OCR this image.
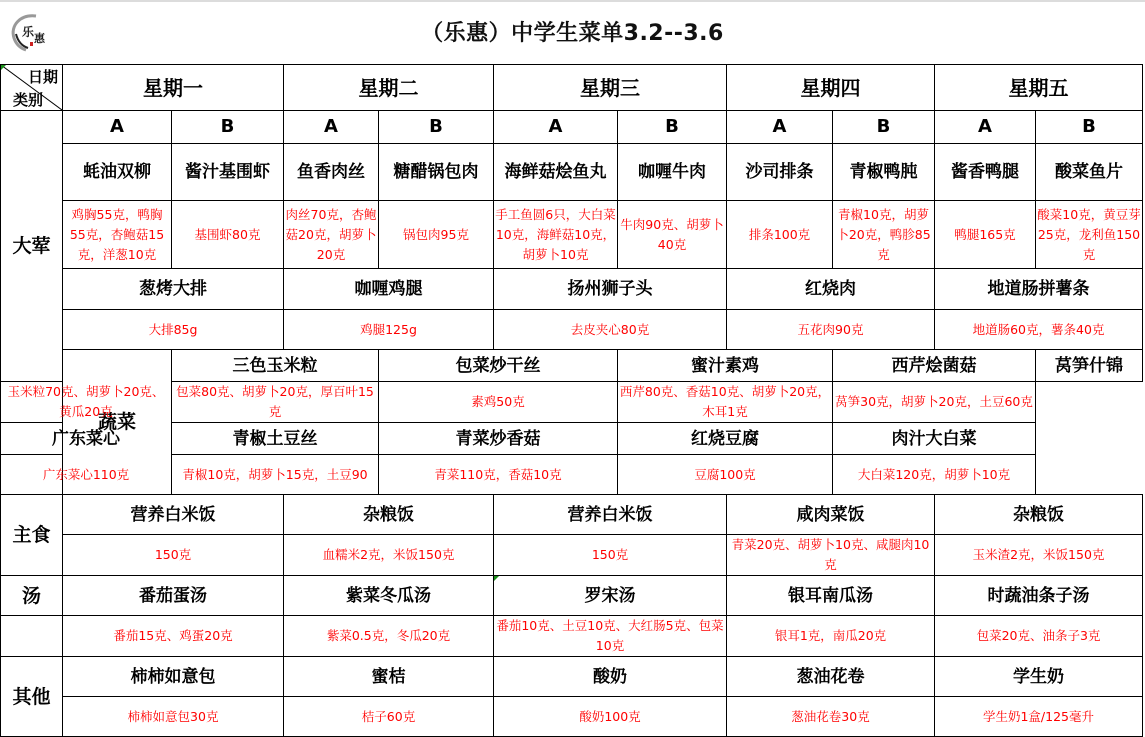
乐 惠	（乐惠）中学生菜单3.2--3.6
日期
类别	星期一		星期二		星期三		星期四		星期五	
大荤	A	B	A	B	A	B	A	B	A	B
	蚝油双柳	酱汁基围虾	鱼香肉丝	糖醋锅包肉	海鲜菇烩鱼丸	咖喱牛肉	沙司排条	青椒鸭肫	酱香鸭腿	酸菜鱼片
	鸡胸55克，鸭胸55克，杏鲍菇15克，洋葱10克	基围虾80克	肉丝70克，杏鲍菇20克，胡萝卜20克	锅包肉95克	手工鱼圆6只，大白菜10克，海鲜菇10克，胡萝卜10克	牛肉90克、胡萝卜40克	排条100克	青椒10克，胡萝卜20克，鸭胗85克	鸭腿165克	酸菜10克，黄豆芽25克，龙利鱼150克
	葱烤大排		咖喱鸡腿		扬州狮子头		红烧肉		地道肠拼薯条	
	大排85g		鸡腿125g		去皮夹心80克		五花肉90克		地道肠60克，薯条40克	
	蔬菜	三色玉米粒		包菜炒干丝		蜜汁素鸡		西芹烩菌菇		莴笋什锦
玉米粒70克、胡萝卜20克、黄瓜20克		包菜80克、胡萝卜20克，厚百叶15克		素鸡50克		西芹80克、香菇10克、胡萝卜20克，木耳1克		莴笋30克，胡萝卜20克，土豆60克		
广东菜心		青椒土豆丝		青菜炒香菇		红烧豆腐		肉汁大白菜		
广东菜心110克		青椒10克，胡萝卜15克，土豆90		青菜110克，香菇10克		豆腐100克		大白菜120克，胡萝卜10克		
主食	营养白米饭		杂粮饭		营养白米饭		咸肉菜饭		杂粮饭	
	150克		血糯米2克，米饭150克		150克		青菜20克、胡萝卜10克、咸腿肉10克		玉米渣2克，米饭150克	
汤	番茄蛋汤		紫菜冬瓜汤		罗宋汤		银耳南瓜汤		时蔬油条子汤	
	番茄15克、鸡蛋20克		紫菜0.5克，冬瓜20克		番茄10克、土豆10克、大红肠5克、包菜10克		银耳1克，南瓜20克		包菜20克、油条子3克	
其他	柿柿如意包		蜜桔		酸奶		葱油花卷		学生奶	
	柿柿如意包30克		桔子60克		酸奶100克		葱油花卷30克		学生奶1盒/125毫升	
